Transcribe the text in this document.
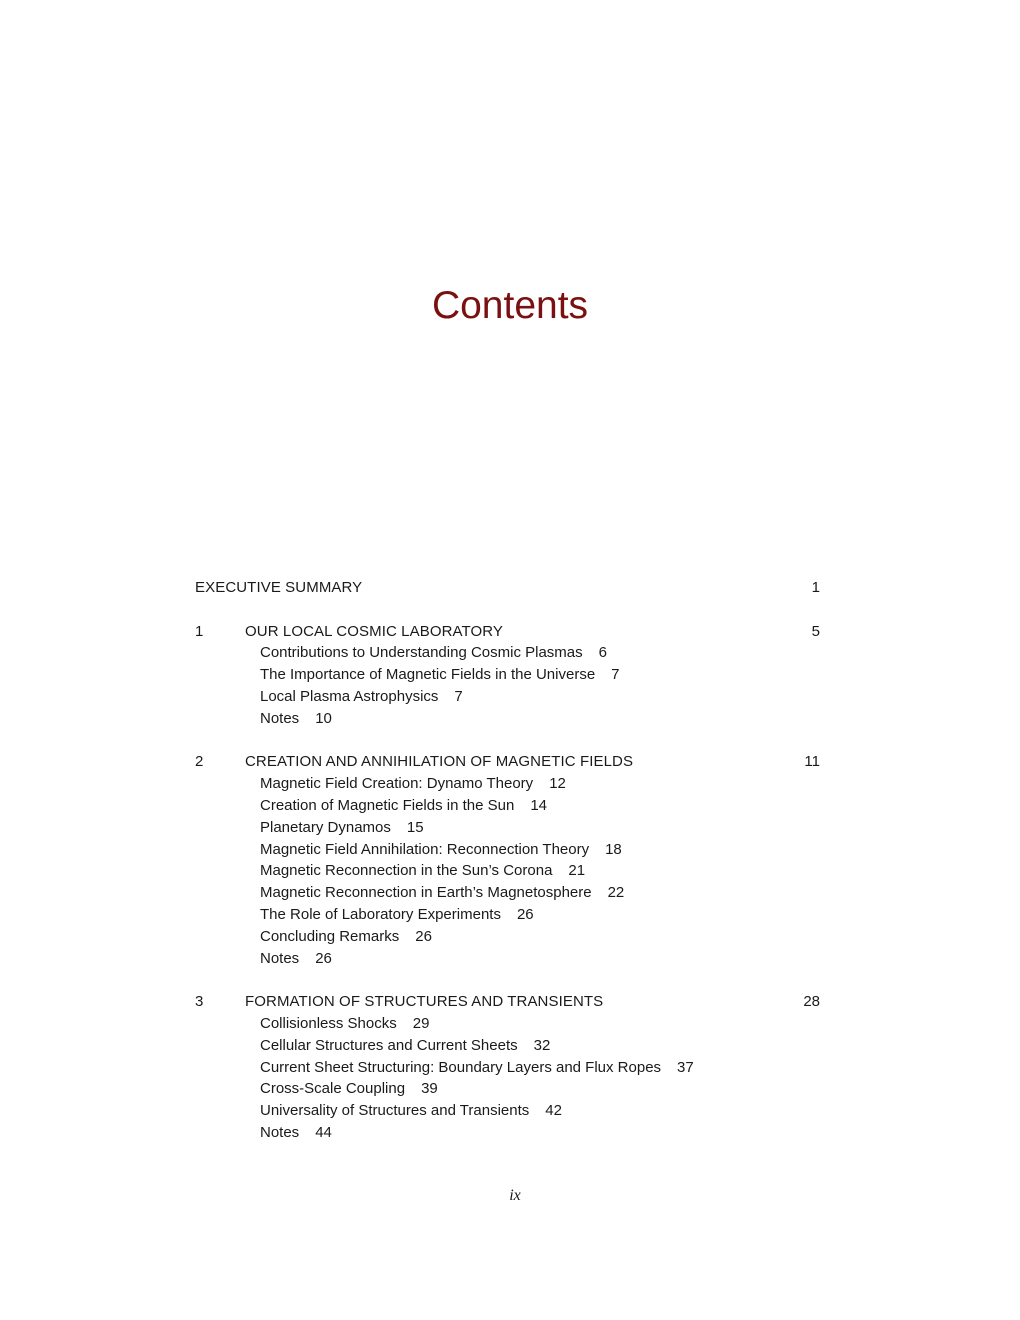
Contents
EXECUTIVE SUMMARY	1
1	OUR LOCAL COSMIC LABORATORY	5
Contributions to Understanding Cosmic Plasmas 6
The Importance of Magnetic Fields in the Universe 7
Local Plasma Astrophysics 7
Notes 10
2	CREATION AND ANNIHILATION OF MAGNETIC FIELDS	11
Magnetic Field Creation: Dynamo Theory 12
Creation of Magnetic Fields in the Sun 14
Planetary Dynamos 15
Magnetic Field Annihilation: Reconnection Theory 18
Magnetic Reconnection in the Sun’s Corona 21
Magnetic Reconnection in Earth’s Magnetosphere 22
The Role of Laboratory Experiments 26
Concluding Remarks 26
Notes 26
3	FORMATION OF STRUCTURES AND TRANSIENTS	28
Collisionless Shocks 29
Cellular Structures and Current Sheets 32
Current Sheet Structuring: Boundary Layers and Flux Ropes 37
Cross-Scale Coupling 39
Universality of Structures and Transients 42
Notes 44
ix
